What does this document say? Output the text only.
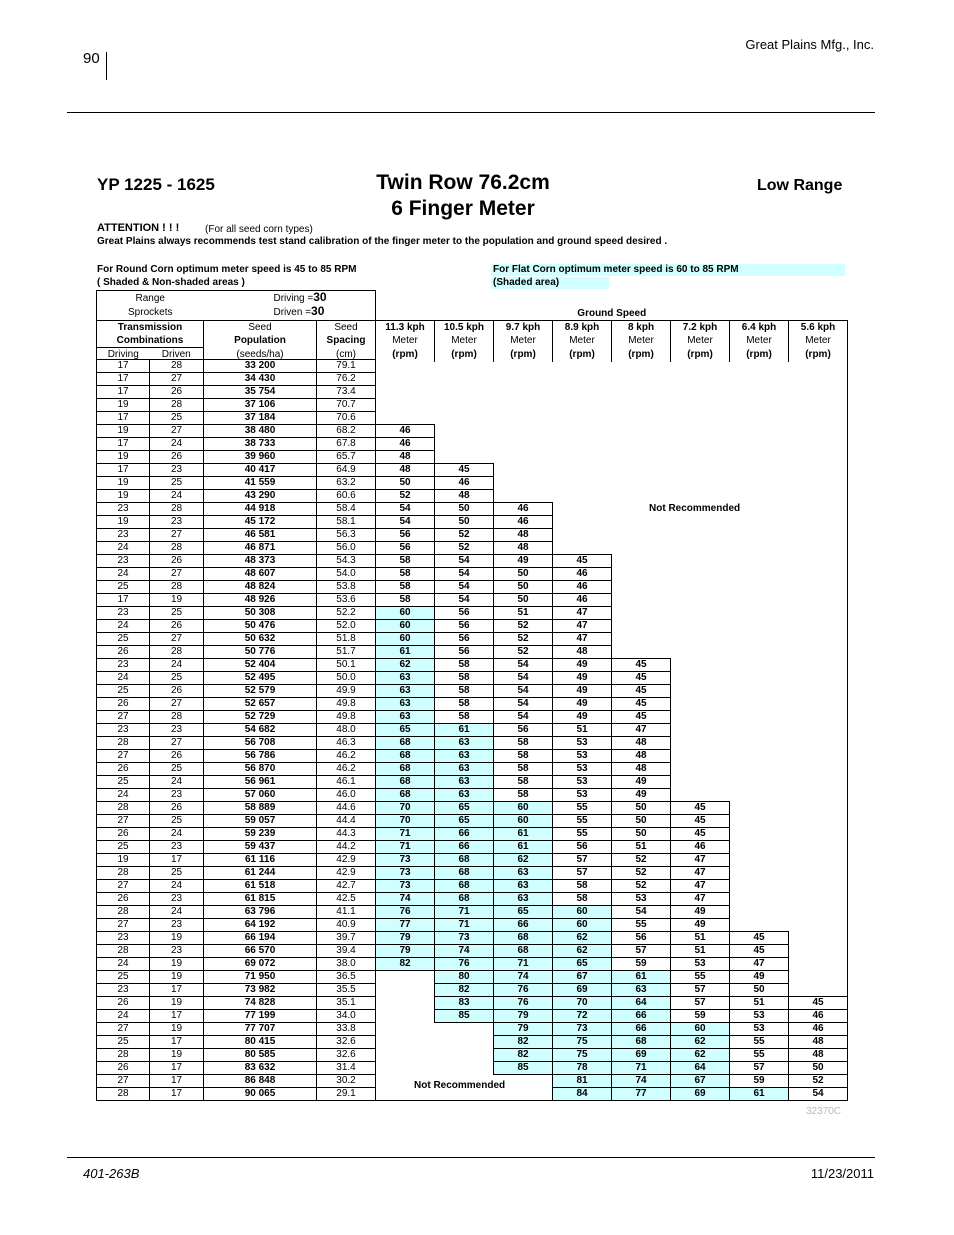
90
Great Plains Mfg., Inc.
YP 1225 - 1625	Twin Row 76.2cm
6 Finger Meter
Low Range
ATTENTION ! ! !	(For all seed corn types)
Great Plains always recommends test stand calibration of the finger meter to the population and ground speed desired .
For Round Corn optimum meter speed is 45 to 85 RPM
( Shaded & Non-shaded areas )
For Flat Corn optimum meter speed is 60 to 85 RPM
(Shaded area)
Range		Driving =30									
Sprockets		Driven =30		Ground Speed							
Transmission		Seed	Seed	11.3 kph	10.5 kph	9.7 kph	8.9 kph	8 kph	7.2 kph	6.4 kph	5.6 kph
Combinations		Population	Spacing	Meter	Meter	Meter	Meter	Meter	Meter	Meter	Meter
Driving	Driven	(seeds/ha)	(cm)	(rpm)	(rpm)	(rpm)	(rpm)	(rpm)	(rpm)	(rpm)	(rpm)
17	28	33 200	79.1								
17	27	34 430	76.2								
17	26	35 754	73.4								
19	28	37 106	70.7								
17	25	37 184	70.6								
19	27	38 480	68.2	46							
17	24	38 733	67.8	46							
19	26	39 960	65.7	48							
17	23	40 417	64.9	48	45						
19	25	41 559	63.2	50	46						
19	24	43 290	60.6	52	48						
23	28	44 918	58.4	54	50	46					
19	23	45 172	58.1	54	50	46					
23	27	46 581	56.3	56	52	48					
24	28	46 871	56.0	56	52	48					
23	26	48 373	54.3	58	54	49	45				
24	27	48 607	54.0	58	54	50	46				
25	28	48 824	53.8	58	54	50	46				
17	19	48 926	53.6	58	54	50	46				
23	25	50 308	52.2	60	56	51	47				
24	26	50 476	52.0	60	56	52	47				
25	27	50 632	51.8	60	56	52	47				
26	28	50 776	51.7	61	56	52	48				
23	24	52 404	50.1	62	58	54	49	45			
24	25	52 495	50.0	63	58	54	49	45			
25	26	52 579	49.9	63	58	54	49	45			
26	27	52 657	49.8	63	58	54	49	45			
27	28	52 729	49.8	63	58	54	49	45			
23	23	54 682	48.0	65	61	56	51	47			
28	27	56 708	46.3	68	63	58	53	48			
27	26	56 786	46.2	68	63	58	53	48			
26	25	56 870	46.2	68	63	58	53	48			
25	24	56 961	46.1	68	63	58	53	49			
24	23	57 060	46.0	68	63	58	53	49			
28	26	58 889	44.6	70	65	60	55	50	45		
27	25	59 057	44.4	70	65	60	55	50	45		
26	24	59 239	44.3	71	66	61	55	50	45		
25	23	59 437	44.2	71	66	61	56	51	46		
19	17	61 116	42.9	73	68	62	57	52	47		
28	25	61 244	42.9	73	68	63	57	52	47		
27	24	61 518	42.7	73	68	63	58	52	47		
26	23	61 815	42.5	74	68	63	58	53	47		
28	24	63 796	41.1	76	71	65	60	54	49		
27	23	64 192	40.9	77	71	66	60	55	49		
23	19	66 194	39.7	79	73	68	62	56	51	45	
28	23	66 570	39.4	79	74	68	62	57	51	45	
24	19	69 072	38.0	82	76	71	65	59	53	47	
25	19	71 950	36.5		80	74	67	61	55	49	
23	17	73 982	35.5		82	76	69	63	57	50	
26	19	74 828	35.1		83	76	70	64	57	51	45
24	17	77 199	34.0		85	79	72	66	59	53	46
27	19	77 707	33.8			79	73	66	60	53	46
25	17	80 415	32.6			82	75	68	62	55	48
28	19	80 585	32.6			82	75	69	62	55	48
26	17	83 632	31.4			85	78	71	64	57	50
27	17	86 848	30.2				81	74	67	59	52
28	17	90 065	29.1				84	77	69	61	54
Not Recommended
Not Recommended
32370C
401-263B	11/23/2011
